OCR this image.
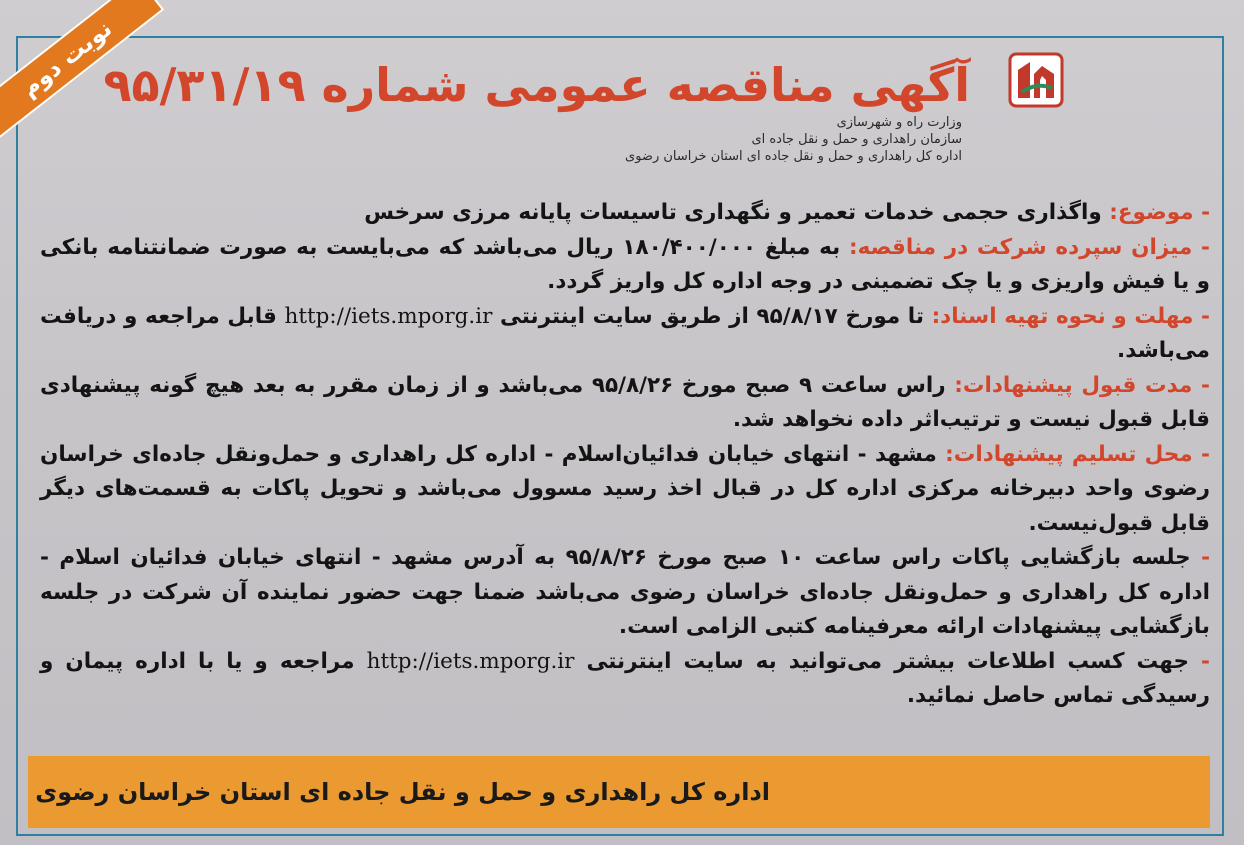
نوبت دوم
وزارت راه و شهرسازی
سازمان راهداری و حمل و نقل جاده ای
اداره کل راهداری و حمل و نقل جاده ای استان خراسان رضوی
آگهی مناقصه عمومی شماره ۹۵/۳۱/۱۹

- موضوع: واگذاری حجمی خدمات تعمیر و نگهداری تاسیسات پایانه مرزی سرخس

- میزان سپرده شرکت در مناقصه: به مبلغ ۱۸۰/۴۰۰/۰۰۰ ریال می‌باشد که می‌بایست به صورت ضمانتنامه بانکی و یا فیش واریزی و یا چک تضمینی در وجه اداره کل واریز گردد.

- مهلت و نحوه تهیه اسناد: تا مورخ ۹۵/۸/۱۷ از طریق سایت اینترنتی http://iets.mporg.ir قابل مراجعه و دریافت می‌باشد.

- مدت قبول پیشنهادات: راس ساعت ۹ صبح مورخ ۹۵/۸/۲۶ می‌باشد و از زمان مقرر به بعد هیچ گونه پیشنهادی قابل قبول نیست و ترتیب‌اثر داده نخواهد شد.

- محل تسلیم پیشنهادات: مشهد - انتهای خیابان فدائیان‌اسلام - اداره کل راهداری و حمل‌ونقل جاده‌ای خراسان رضوی واحد دبیرخانه مرکزی اداره کل در قبال اخذ رسید مسوول می‌باشد و تحویل پاکات به قسمت‌های دیگر قابل قبول‌نیست.

- جلسه بازگشایی پاکات راس ساعت ۱۰ صبح مورخ ۹۵/۸/۲۶ به آدرس مشهد - انتهای خیابان فدائیان اسلام - اداره کل راهداری و حمل‌ونقل جاده‌ای خراسان رضوی می‌باشد ضمنا جهت حضور نماینده آن شرکت در جلسه بازگشایی پیشنهادات ارائه معرفینامه کتبی الزامی است.

- جهت کسب اطلاعات بیشتر می‌توانید به سایت اینترنتی http://iets.mporg.ir مراجعه و یا با اداره پیمان و رسیدگی تماس حاصل نمائید.

اداره کل راهداری و حمل و نقل جاده ای استان خراسان رضوی
